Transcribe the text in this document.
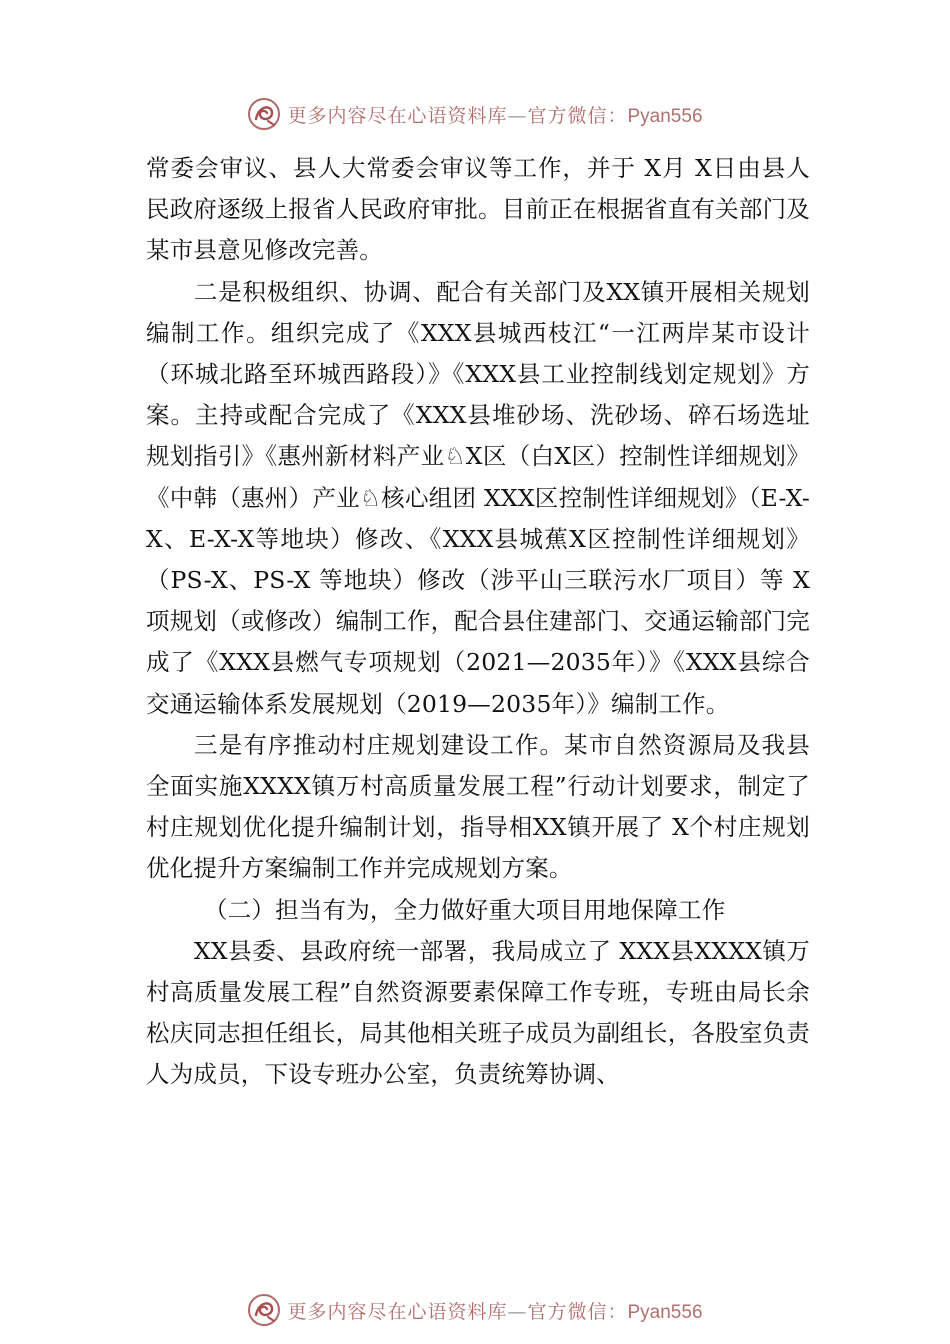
更多内容尽在心语资料库—官方微信：Pyan556

常委会审议、县人大常委会审议等工作，并于 X月 X日由县人民政府逐级上报省人民政府审批。目前正在根据省直有关部门及某市县意见修改完善。

二是积极组织、协调、配合有关部门及XX镇开展相关规划编制工作。组织完成了《XXX县城西枝江“一江两岸某市设计（环城北路至环城西路段）》《XXX县工业控制线划定规划》方案。主持或配合完成了《XXX县堆砂场、洗砂场、碎石场选址规划指引》《惠州新材料产业♘X区（白X区）控制性详细规划》《中韩（惠州）产业♘核心组团 XXX区控制性详细规划》（E-X-X、E-X-X等地块）修改、《XXX县城蕉X区控制性详细规划》（PS-X、PS-X 等地块）修改（涉平山三联污水厂项目）等 X 项规划（或修改）编制工作，配合县住建部门、交通运输部门完成了《XXX县燃气专项规划（2021—2035年）》《XXX县综合交通运输体系发展规划（2019—2035年）》编制工作。

三是有序推动村庄规划建设工作。某市自然资源局及我县全面实施XXXX镇万村高质量发展工程”行动计划要求，制定了村庄规划优化提升编制计划，指导相XX镇开展了 X个村庄规划优化提升方案编制工作并完成规划方案。

（二）担当有为，全力做好重大项目用地保障工作

XX县委、县政府统一部署，我局成立了 XXX县XXXX镇万村高质量发展工程”自然资源要素保障工作专班，专班由局长余松庆同志担任组长，局其他相关班子成员为副组长，各股室负责人为成员，下设专班办公室，负责统筹协调、

更多内容尽在心语资料库—官方微信：Pyan556
